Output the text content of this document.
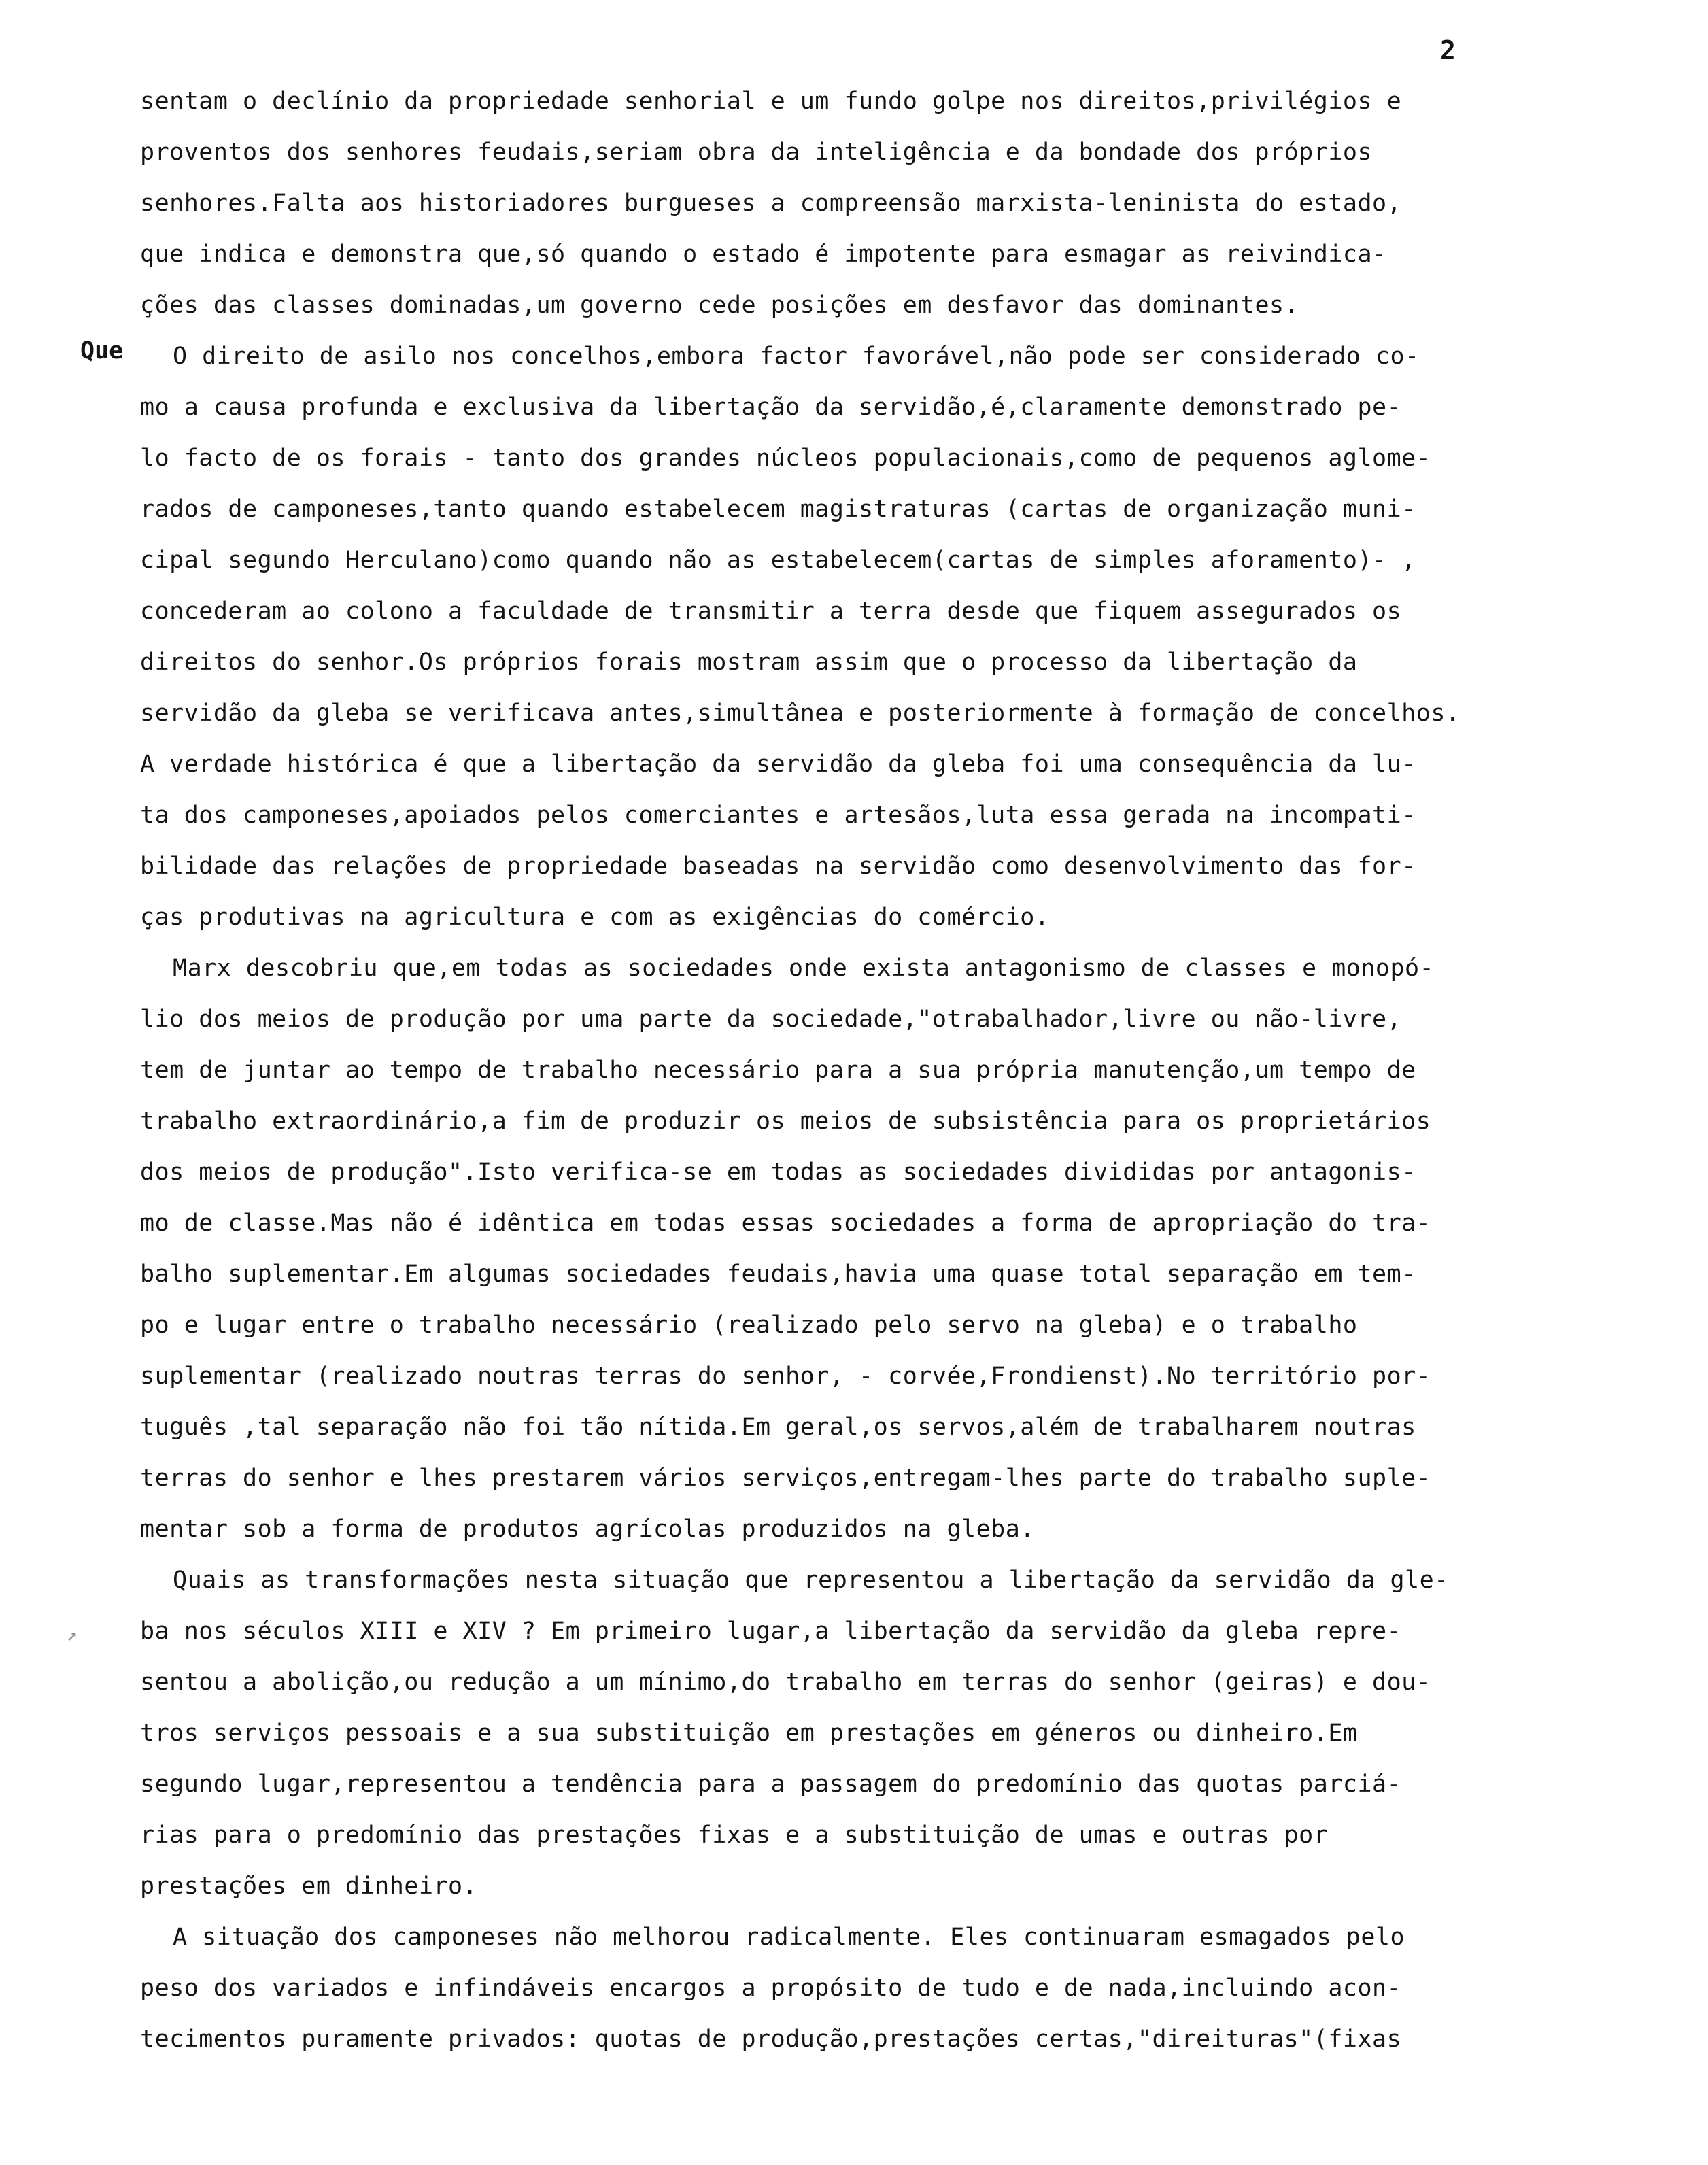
2
Que
sentam o declínio da propriedade senhorial e um fundo golpe nos direitos,privilégios e
proventos dos senhores feudais,seriam obra da inteligência e da bondade dos próprios
senhores.Falta aos historiadores burgueses a compreensão marxista-leninista do estado,
que indica e demonstra que,só quando o estado é impotente para esmagar as reivindica-
ções das classes dominadas,um governo cede posições em desfavor das dominantes.
O direito de asilo nos concelhos,embora factor favorável,não pode ser considerado co-
mo a causa profunda e exclusiva da libertação da servidão,é,claramente demonstrado pe-
lo facto de os forais - tanto dos grandes núcleos populacionais,como de pequenos aglome-
rados de camponeses,tanto quando estabelecem magistraturas (cartas de organização muni-
cipal segundo Herculano)como quando não as estabelecem(cartas de simples aforamento)- ,
concederam ao colono a faculdade de transmitir a terra desde que fiquem assegurados os
direitos do senhor.Os próprios forais mostram assim que o processo da libertação da
servidão da gleba se verificava antes,simultânea e posteriormente à formação de concelhos.
A verdade histórica é que a libertação da servidão da gleba foi uma consequência da lu-
ta dos camponeses,apoiados pelos comerciantes e artesãos,luta essa gerada na incompati-
bilidade das relações de propriedade baseadas na servidão como desenvolvimento das for-
ças produtivas na agricultura e com as exigências do comércio.
Marx descobriu que,em todas as sociedades onde exista antagonismo de classes e monopó-
lio dos meios de produção por uma parte da sociedade,"otrabalhador,livre ou não-livre,
tem de juntar ao tempo de trabalho necessário para a sua própria manutenção,um tempo de
trabalho extraordinário,a fim de produzir os meios de subsistência para os proprietários
dos meios de produção".Isto verifica-se em todas as sociedades divididas por antagonis-
mo de classe.Mas não é idêntica em todas essas sociedades a forma de apropriação do tra-
balho suplementar.Em algumas sociedades feudais,havia uma quase total separação em tem-
po e lugar entre o trabalho necessário (realizado pelo servo na gleba) e o trabalho
suplementar (realizado noutras terras do senhor, - corvée,Frondienst).No território por-
tuguês ,tal separação não foi tão nítida.Em geral,os servos,além de trabalharem noutras
terras do senhor e lhes prestarem vários serviços,entregam-lhes parte do trabalho suple-
mentar sob a forma de produtos agrícolas produzidos na gleba.
Quais as transformações nesta situação que representou a libertação da servidão da gle-
ba nos séculos XIII e XIV ? Em primeiro lugar,a libertação da servidão da gleba repre-
sentou a abolição,ou redução a um mínimo,do trabalho em terras do senhor (geiras) e dou-
tros serviços pessoais e a sua substituição em prestações em géneros ou dinheiro.Em
segundo lugar,representou a tendência para a passagem do predomínio das quotas parciá-
rias para o predomínio das prestações fixas e a substituição de umas e outras por
prestações em dinheiro.
A situação dos camponeses não melhorou radicalmente. Eles continuaram esmagados pelo
peso dos variados e infindáveis encargos a propósito de tudo e de nada,incluindo acon-
tecimentos puramente privados: quotas de produção,prestações certas,"direituras"(fixas
↗
